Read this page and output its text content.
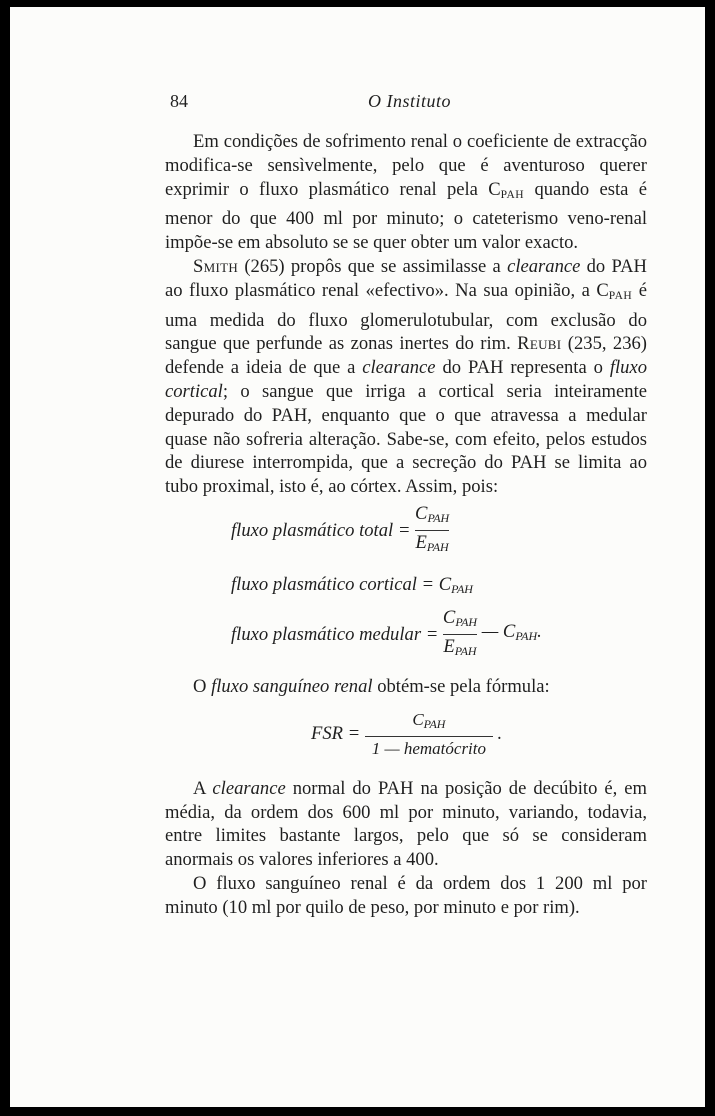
84	O Instituto

Em condições de sofrimento renal o coeficiente de extracção modifica-se sensìvelmente, pelo que é aventuroso querer exprimir o fluxo plasmático renal pela $C_{PAH}$ quando esta é menor do que 400 ml por minuto; o cateterismo veno-renal impõe-se em absoluto se se quer obter um valor exacto.

Smith (265) propôs que se assimilasse a clearance do PAH ao fluxo plasmático renal «efectivo». Na sua opinião, a $C_{PAH}$ é uma medida do fluxo glomerulotubular, com exclusão do sangue que perfunde as zonas inertes do rim. Reubi (235, 236) defende a ideia de que a clearance do PAH representa o fluxo cortical; o sangue que irriga a cortical seria inteiramente depurado do PAH, enquanto que o que atravessa a medular quase não sofreria alteração. Sabe-se, com efeito, pelos estudos de diurese interrompida, que a secreção do PAH se limita ao tubo proximal, isto é, ao córtex. Assim, pois:

fluxo plasmático total = $\frac{\text{CPAH}}{\text{EPAH}}$
fluxo plasmático cortical = CPAH
fluxo plasmático medular = $\frac{\text{CPAH}}{\text{EPAH}}$ — CPAH.

O fluxo sanguíneo renal obtém-se pela fórmula:

FSR = $\frac{\text{CPAH}}{\text{1 — hematócrito}}$ .

A clearance normal do PAH na posição de decúbito é, em média, da ordem dos 600 ml por minuto, variando, todavia, entre limites bastante largos, pelo que só se consideram anormais os valores inferiores a 400.

O fluxo sanguíneo renal é da ordem dos 1 200 ml por minuto (10 ml por quilo de peso, por minuto e por rim).
